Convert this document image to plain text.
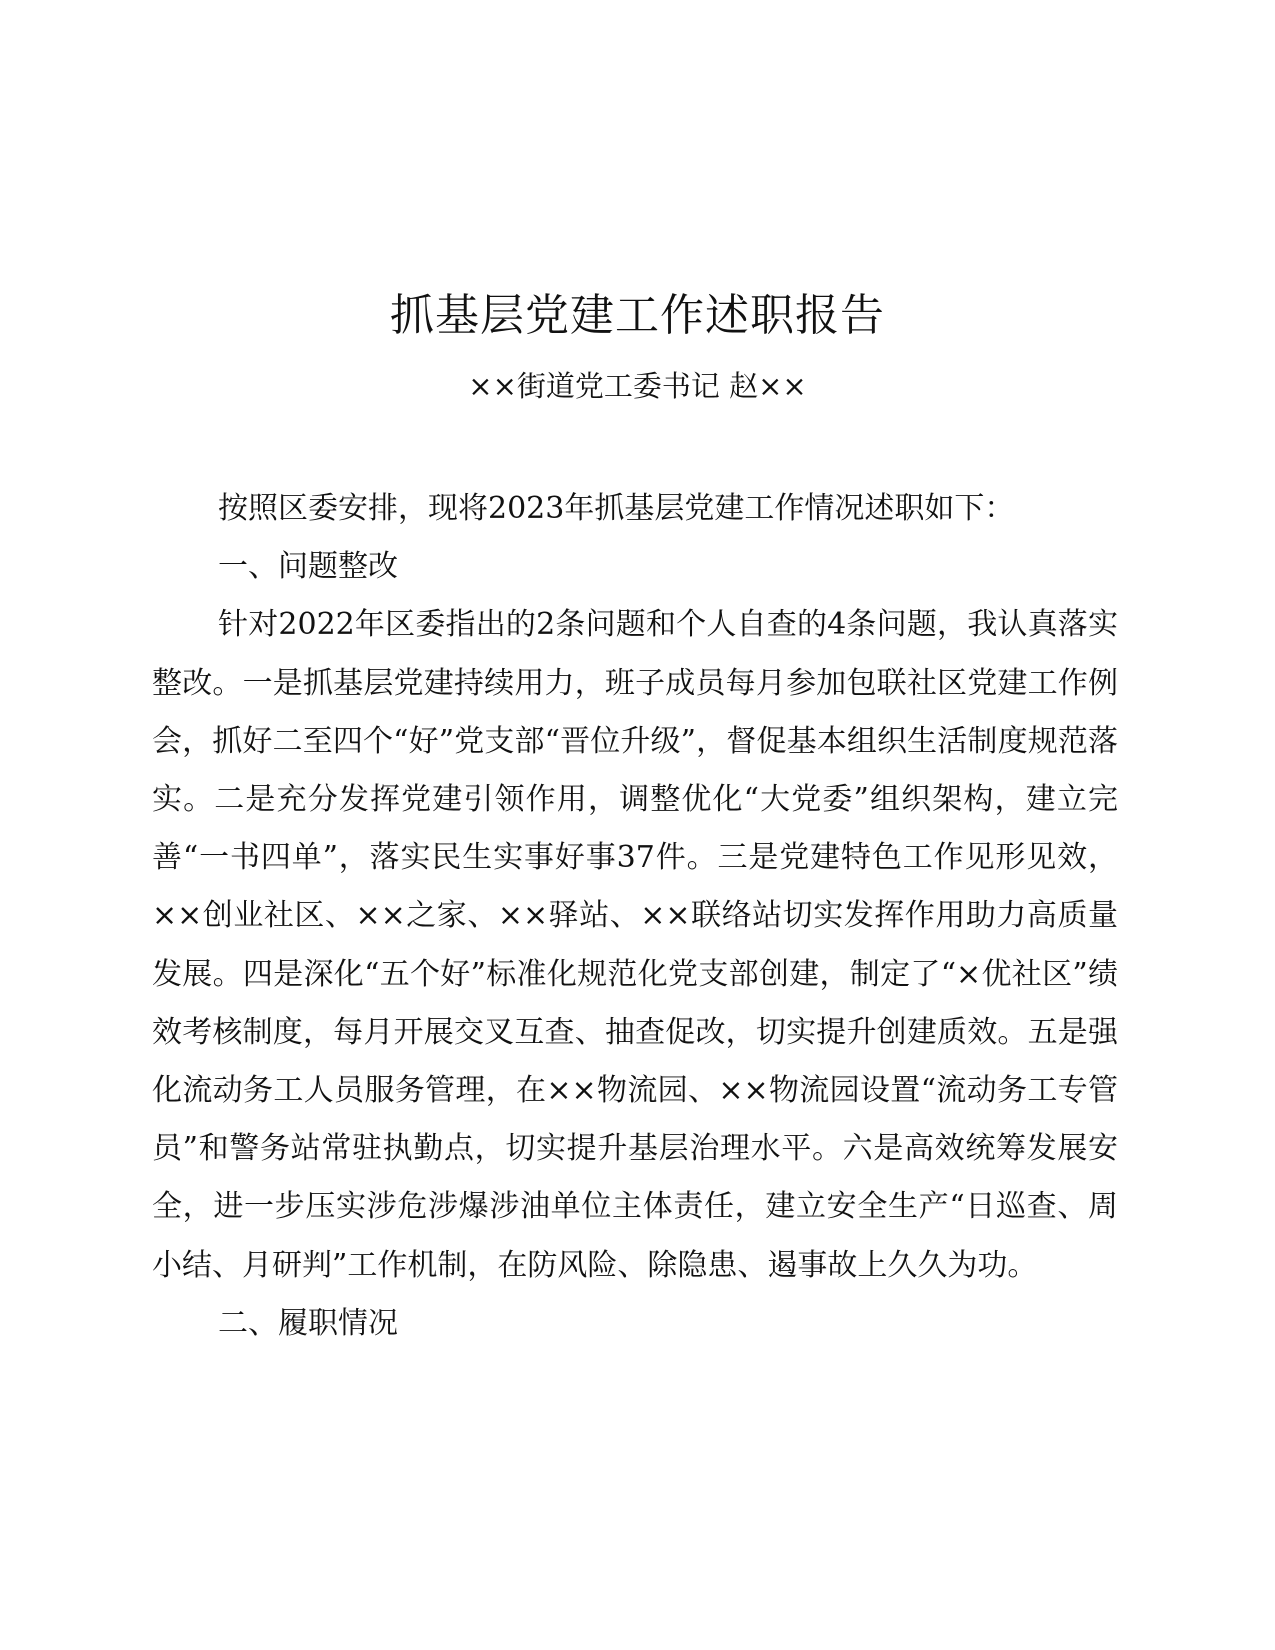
抓基层党建工作述职报告

××街道党工委书记 赵××

按照区委安排，现将2023年抓基层党建工作情况述职如下：

一、问题整改

针对2022年区委指出的2条问题和个人自查的4条问题，我认真落实整改。一是抓基层党建持续用力，班子成员每月参加包联社区党建工作例会，抓好二至四个“好”党支部“晋位升级”，督促基本组织生活制度规范落实。二是充分发挥党建引领作用，调整优化“大党委”组织架构，建立完善“一书四单”，落实民生实事好事37件。三是党建特色工作见形见效，××创业社区、××之家、××驿站、××联络站切实发挥作用助力高质量发展。四是深化“五个好”标准化规范化党支部创建，制定了“×优社区”绩效考核制度，每月开展交叉互查、抽查促改，切实提升创建质效。五是强化流动务工人员服务管理，在××物流园、××物流园设置“流动务工专管员”和警务站常驻执勤点，切实提升基层治理水平。六是高效统筹发展安全，进一步压实涉危涉爆涉油单位主体责任，建立安全生产“日巡查、周小结、月研判”工作机制，在防风险、除隐患、遏事故上久久为功。

二、履职情况
